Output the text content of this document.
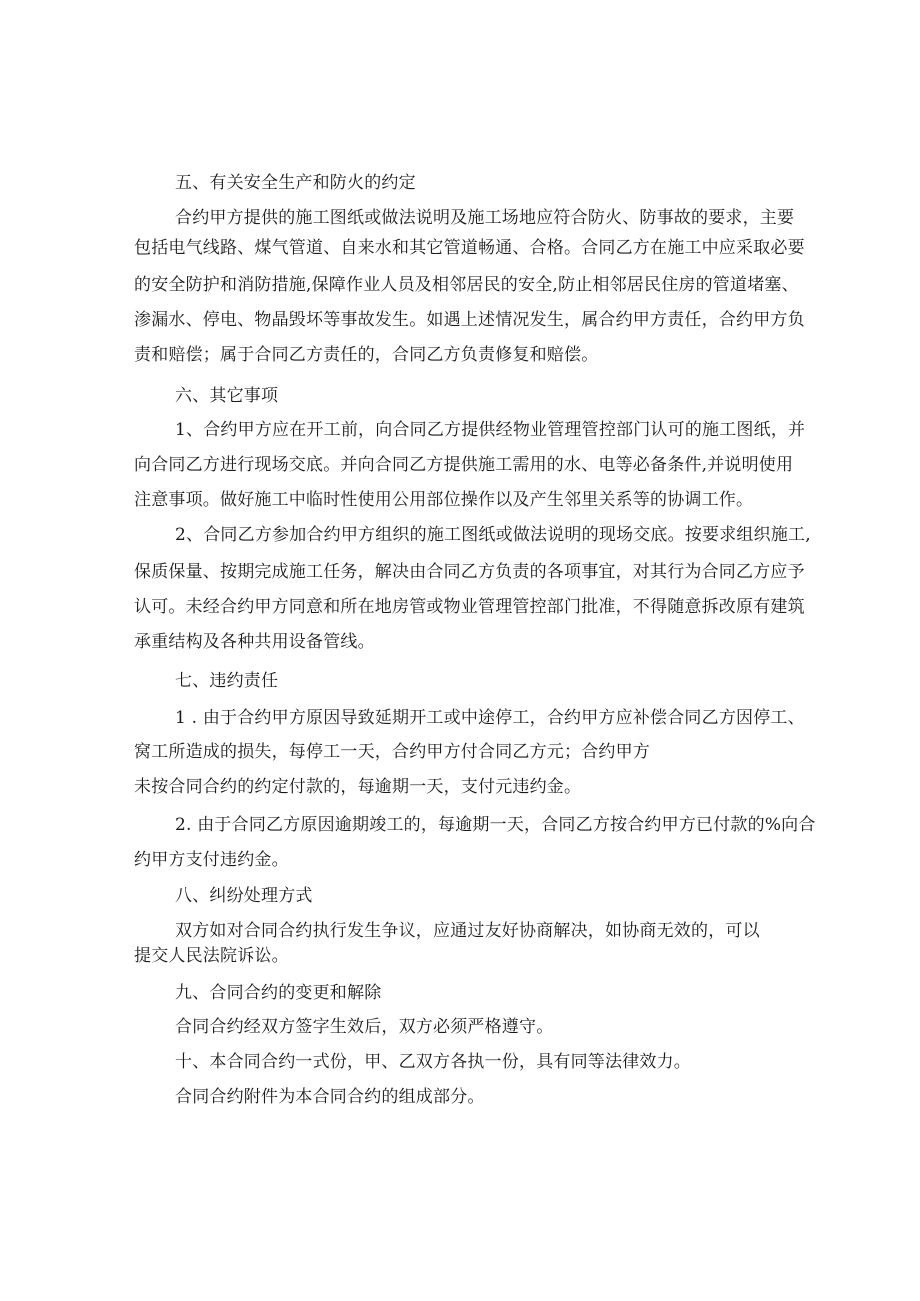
五、有关安全生产和防火的约定
合约甲方提供的施工图纸或做法说明及施工场地应符合防火、防事故的要求，主要
包括电气线路、煤气管道、自来水和其它管道畅通、合格。合同乙方在施工中应采取必要
的安全防护和消防措施,保障作业人员及相邻居民的安全,防止相邻居民住房的管道堵塞、
渗漏水、停电、物晶毁坏等事故发生。如遇上述情况发生，属合约甲方责任，合约甲方负
责和赔偿；属于合同乙方责任的，合同乙方负责修复和赔偿。
六、其它事项
1、合约甲方应在开工前，向合同乙方提供经物业管理管控部门认可的施工图纸，并
向合同乙方进行现场交底。并向合同乙方提供施工需用的水、电等必备条件,并说明使用
注意事项。做好施工中临时性使用公用部位操作以及产生邻里关系等的协调工作。
2、合同乙方参加合约甲方组织的施工图纸或做法说明的现场交底。按要求组织施工,
保质保量、按期完成施工任务，解决由合同乙方负责的各项事宜，对其行为合同乙方应予
认可。未经合约甲方同意和所在地房管或物业管理管控部门批准，不得随意拆改原有建筑
承重结构及各种共用设备管线。
七、违约责任
1 . 由于合约甲方原因导致延期开工或中途停工，合约甲方应补偿合同乙方因停工、
窝工所造成的损失，每停工一天，合约甲方付合同乙方元；合约甲方
未按合同合约的约定付款的，每逾期一天，支付元违约金。
2. 由于合同乙方原因逾期竣工的，每逾期一天，合同乙方按合约甲方已付款的%向合
约甲方支付违约金。
八、纠纷处理方式
双方如对合同合约执行发生争议，应通过友好协商解决，如协商无效的，可以
提交人民法院诉讼。
九、合同合约的变更和解除
合同合约经双方签字生效后，双方必须严格遵守。
十、本合同合约一式份，甲、乙双方各执一份，具有同等法律效力。
合同合约附件为本合同合约的组成部分。
